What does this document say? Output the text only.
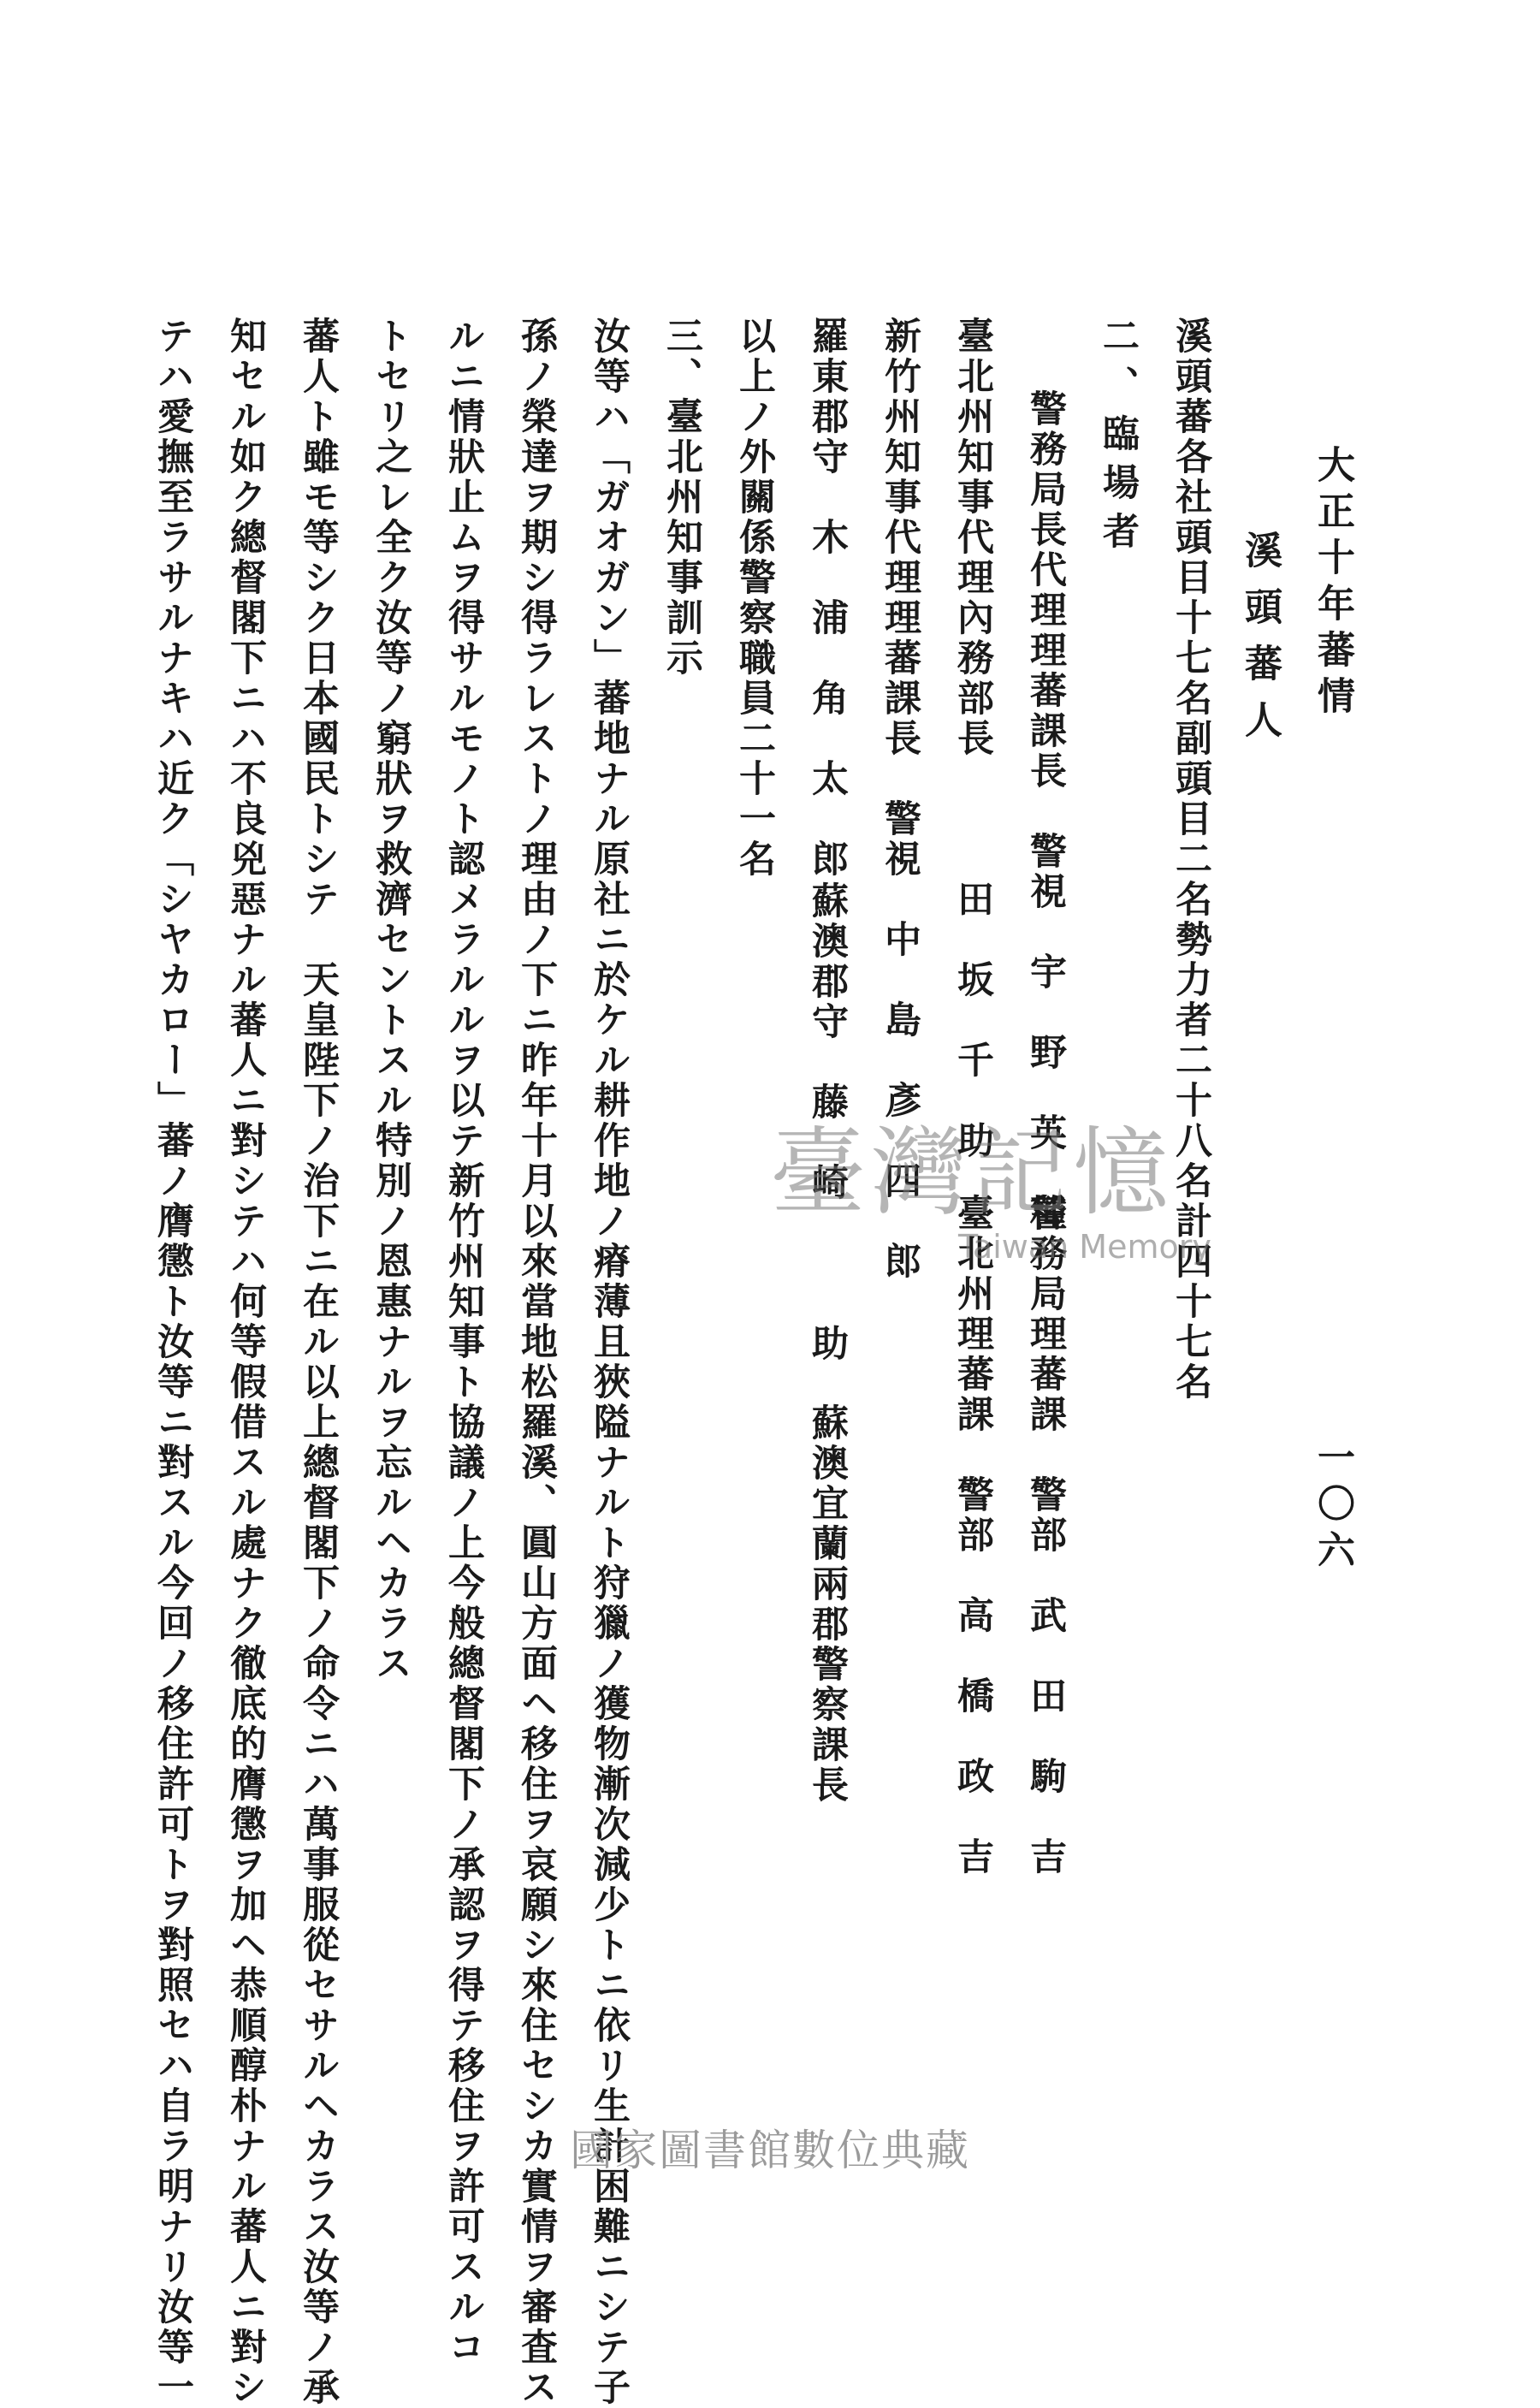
大正十年蕃情
一〇六
溪頭蕃人
溪頭蕃各社頭目十七名副頭目二名勢力者二十八名計四十七名
二、臨場者
警務局長代理理蕃課長　警視　宇　野　英　種
警務局理蕃課　警部　武　田　駒　吉
臺北州知事代理內務部長　　　田　坂　千　助
臺北州理蕃課　警部　高　橋　政　吉
新竹州知事代理理蕃課長　警視　中　島　彥　四　郎
羅東郡守　木　浦　角　太　郎
蘇澳郡守　藤　崎　　　助
蘇澳宜蘭兩郡警察課長
以上ノ外關係警察職員二十一名
三、臺北州知事訓示
汝等ハ「ガオガン」蕃地ナル原社ニ於ケル耕作地ノ瘠薄且狹隘ナルト狩獵ノ獲物漸次減少トニ依リ生計困難ニシテ子
孫ノ榮達ヲ期シ得ラレストノ理由ノ下ニ昨年十月以來當地松羅溪、圓山方面ヘ移住ヲ哀願シ來住セシカ實情ヲ審査ス
ルニ情狀止ムヲ得サルモノト認メラルルヲ以テ新竹州知事ト協議ノ上今般總督閣下ノ承認ヲ得テ移住ヲ許可スルコ
トセリ之レ全ク汝等ノ窮狀ヲ救濟セントスル特別ノ恩惠ナルヲ忘ルヘカラス
蕃人ト雖モ等シク日本國民トシテ　天皇陛下ノ治下ニ在ル以上總督閣下ノ命令ニハ萬事服從セサルヘカラス汝等ノ承
知セル如ク總督閣下ニハ不良兇惡ナル蕃人ニ對シテハ何等假借スル處ナク徹底的膺懲ヲ加ヘ恭順醇朴ナル蕃人ニ對シ
テハ愛撫至ラサルナキハ近ク「シヤカロー」蕃ノ膺懲ト汝等ニ對スル今回ノ移住許可トヲ對照セハ自ラ明ナリ汝等一	臺灣記憶
Taiwan Memory
國家圖書館數位典藏
